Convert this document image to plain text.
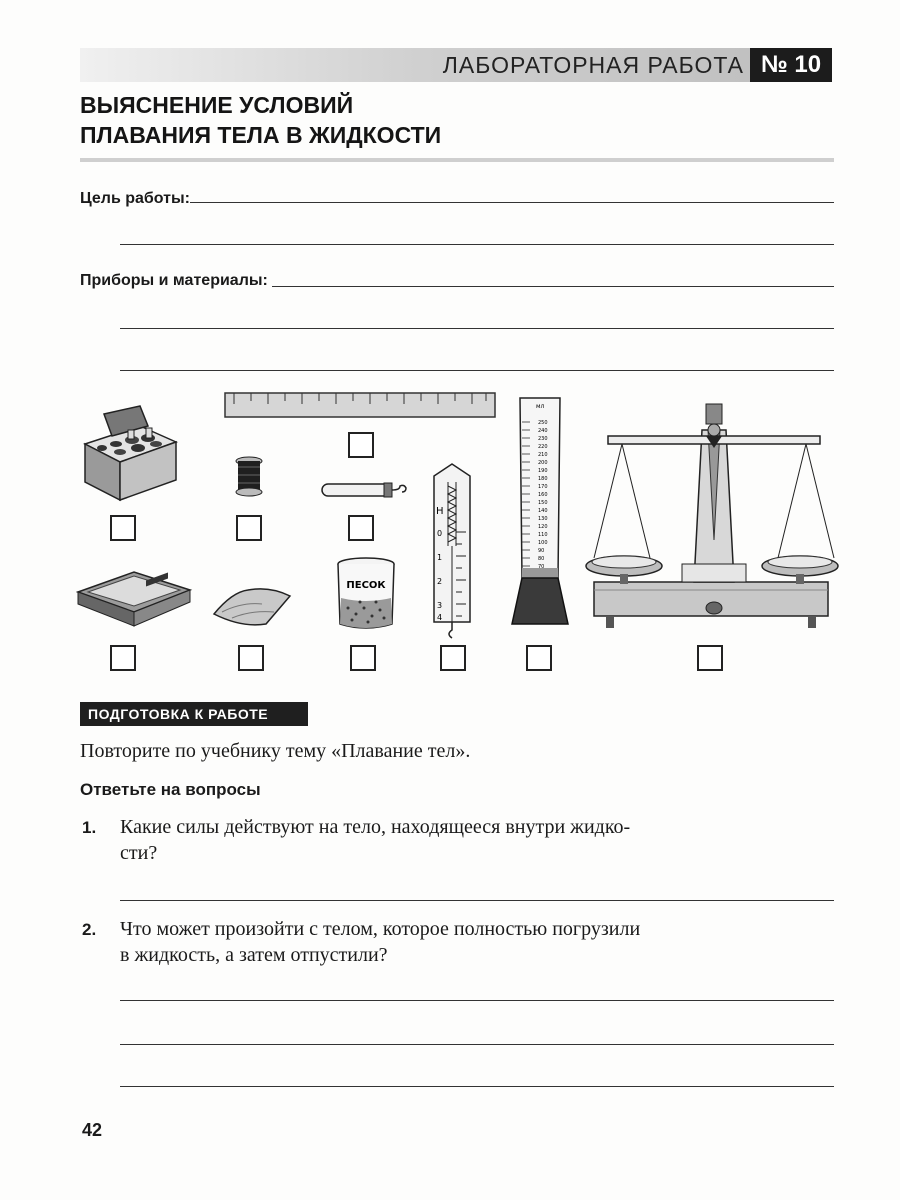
ЛАБОРАТОРНАЯ РАБОТА № 10
ВЫЯСНЕНИЕ УСЛОВИЙ
ПЛАВАНИЯ ТЕЛА В ЖИДКОСТИ
Цель работы:
Приборы и материалы:
Н
0
1
2
3
4
мл
250
240
230
220
210
200
190
180
170
160
150
140
130
120
110
100
90
80
70
ПЕСОК
ПОДГОТОВКА К РАБОТЕ
Повторите по учебнику тему «Плавание тел».
Ответьте на вопросы
1. Какие силы действуют на тело, находящееся внутри жидко-
сти?
2. Что может произойти с телом, которое полностью погрузили
в жидкость, а затем отпустили?
42
